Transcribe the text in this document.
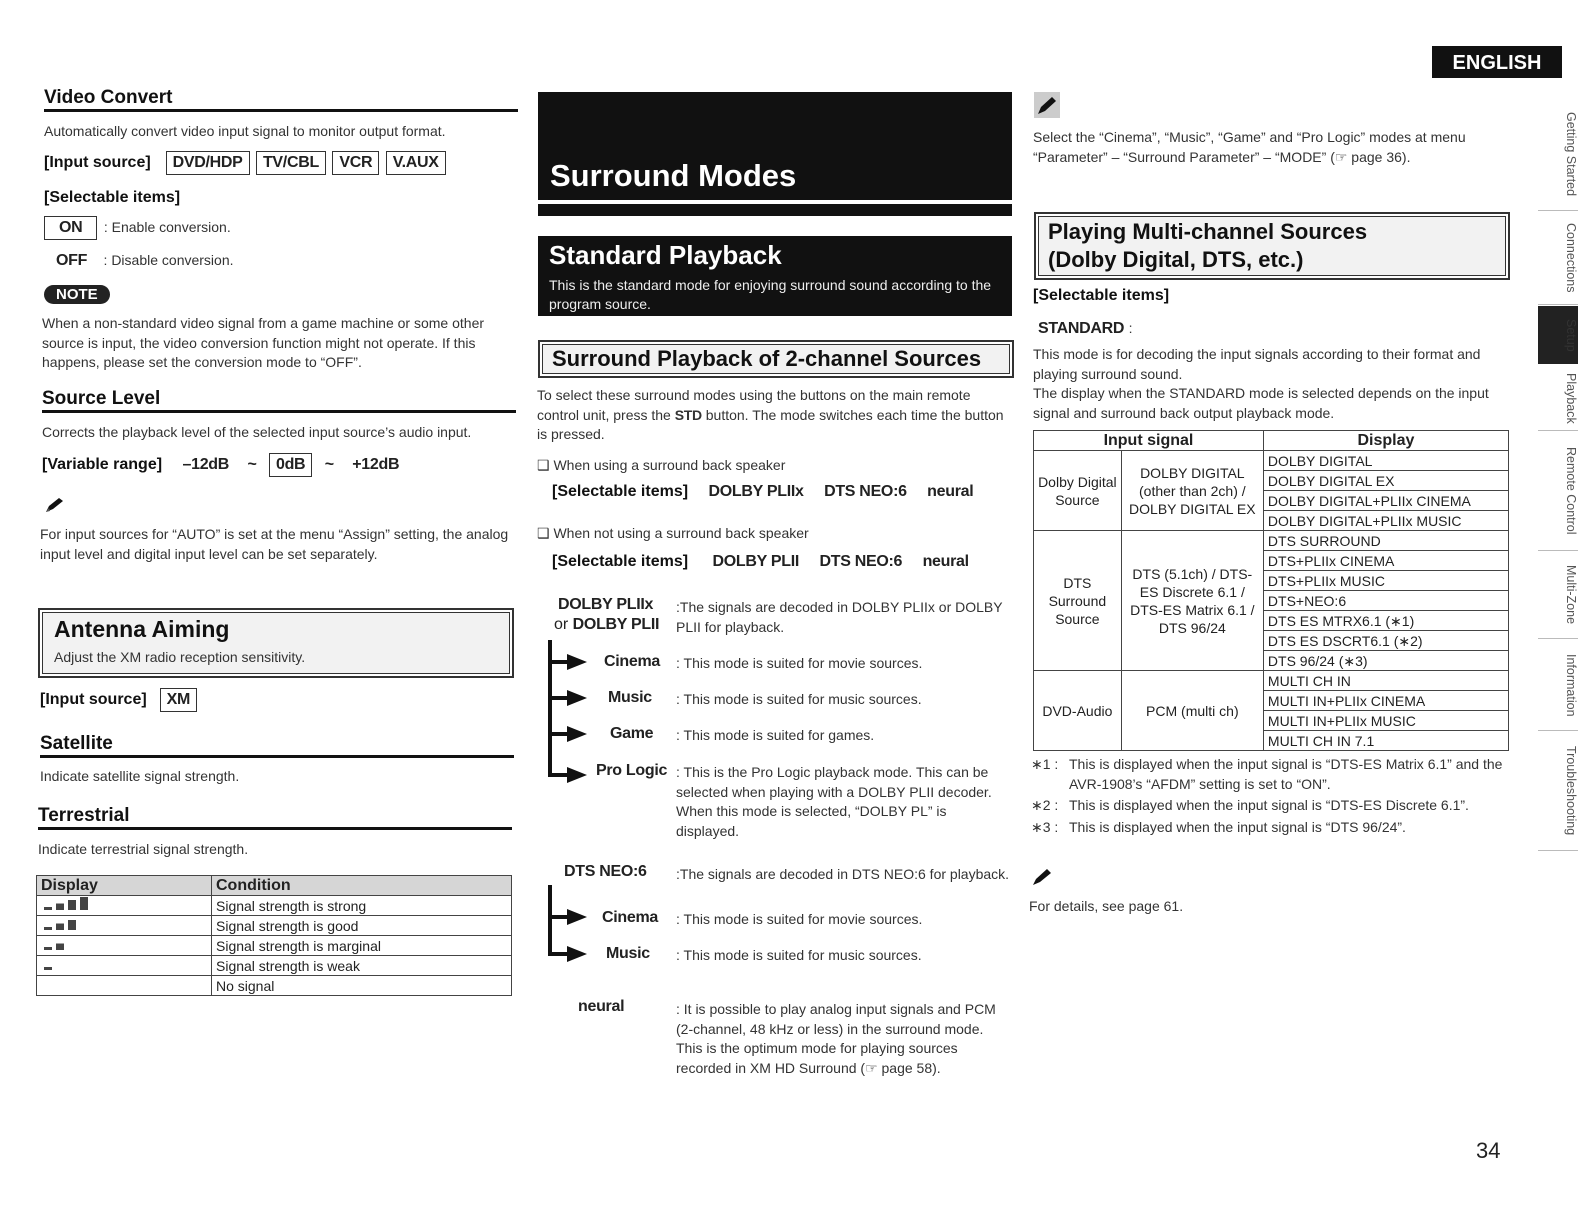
ENGLISH
34
Getting Started
Connections
Setup
Playback
Remote Control
Multi-Zone
Information
Troubleshooting
Video Convert
Automatically convert video input signal to monitor output format.
[Input source] DVD/HDP TV/CBL VCR V.AUX
[Selectable items]
ON : Enable conversion.
OFF : Disable conversion.
NOTE
When a non-standard video signal from a game machine or some other source is input, the video conversion function might not operate. If this happens, please set the conversion mode to “OFF”.
Source Level
Corrects the playback level of the selected input source’s audio input.
[Variable range] –12dB ~ 0dB ~ +12dB
For input sources for “AUTO” is set at the menu “Assign” setting, the analog input level and digital input level can be set separately.
Antenna Aiming
Adjust the XM radio reception sensitivity.
[Input source] XM
Satellite
Indicate satellite signal strength.
Terrestrial
Indicate terrestrial signal strength.
Display	Condition
	Signal strength is strong
	Signal strength is good
	Signal strength is marginal
	Signal strength is weak
	No signal
Surround Modes
Standard Playback
This is the standard mode for enjoying surround sound according to the program source.
Surround Playback of 2-channel Sources
To select these surround modes using the buttons on the main remote control unit, press the STD button. The mode switches each time the button is pressed.
❑ When using a surround back speaker
[Selectable items] DOLBY PLIIx DTS NEO:6 neural
❑ When not using a surround back speaker
[Selectable items] DOLBY PLII DTS NEO:6 neural
DOLBY PLIIx
or DOLBY PLII
:The signals are decoded in DOLBY PLIIx or DOLBY PLII for playback.
Cinema : This mode is suited for movie sources.
Music : This mode is suited for music sources.
Game : This mode is suited for games.
Pro Logic : This is the Pro Logic playback mode. This can be selected when playing with a DOLBY PLII decoder. When this mode is selected, “DOLBY PL” is displayed.
DTS NEO:6 :The signals are decoded in DTS NEO:6 for playback.
Cinema : This mode is suited for movie sources.
Music : This mode is suited for music sources.
neural	: It is possible to play analog input signals and PCM (2-channel, 48 kHz or less) in the surround mode.
This is the optimum mode for playing sources recorded in XM HD Surround (☞ page 58).
Select the “Cinema”, “Music”, “Game” and “Pro Logic” modes at menu “Parameter” – “Surround Parameter” – “MODE” (☞ page 36).
Playing Multi-channel Sources
(Dolby Digital, DTS, etc.)
[Selectable items]
STANDARD :
This mode is for decoding the input signals according to their format and playing surround sound.
The display when the STANDARD mode is selected depends on the input signal and surround back output playback mode.
Input signal		Display
Dolby Digital Source	DOLBY DIGITAL (other than 2ch) / DOLBY DIGITAL EX	DOLBY DIGITAL
		DOLBY DIGITAL EX
		DOLBY DIGITAL+PLIIx CINEMA
		DOLBY DIGITAL+PLIIx MUSIC
DTS Surround Source	DTS (5.1ch) / DTS-ES Discrete 6.1 / DTS-ES Matrix 6.1 / DTS 96/24	DTS SURROUND
		DTS+PLIIx CINEMA
		DTS+PLIIx MUSIC
		DTS+NEO:6
		DTS ES MTRX6.1 (∗1)
		DTS ES DSCRT6.1 (∗2)
		DTS 96/24 (∗3)
DVD-Audio	PCM (multi ch)	MULTI CH IN
		MULTI IN+PLIIx CINEMA
		MULTI IN+PLIIx MUSIC
		MULTI CH IN 7.1
∗1 : This is displayed when the input signal is “DTS-ES Matrix 6.1” and the AVR-1908’s “AFDM” setting is set to “ON”.
∗2 : This is displayed when the input signal is “DTS-ES Discrete 6.1”.
∗3 : This is displayed when the input signal is “DTS 96/24”.
For details, see page 61.
